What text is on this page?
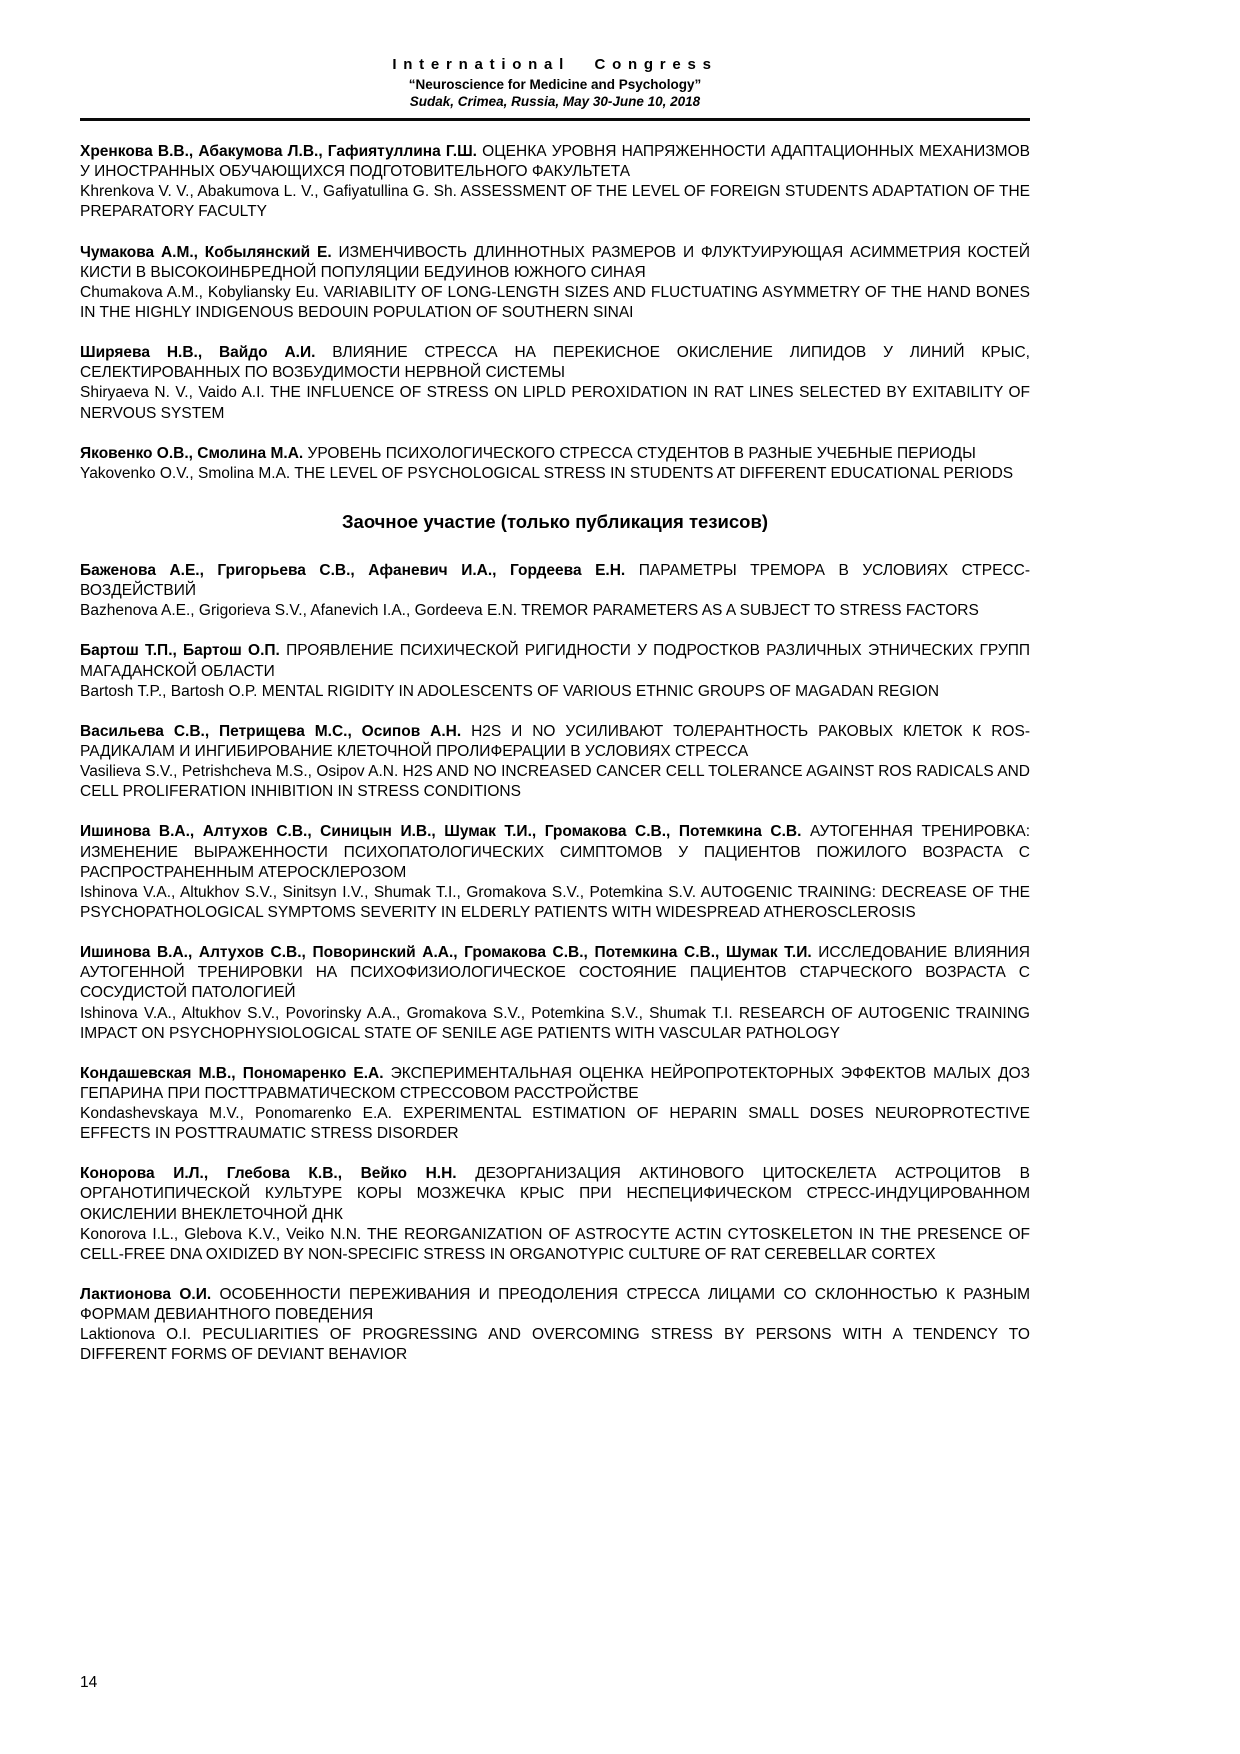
International Congress
“Neuroscience for Medicine and Psychology”
Sudak, Crimea, Russia, May 30-June 10, 2018

Хренкова В.В., Абакумова Л.В., Гафиятуллина Г.Ш. ОЦЕНКА УРОВНЯ НАПРЯЖЕННОСТИ АДАПТАЦИОННЫХ МЕХАНИЗМОВ У ИНОСТРАННЫХ ОБУЧАЮЩИХСЯ ПОДГОТОВИТЕЛЬНОГО ФАКУЛЬТЕТА

Khrenkova V. V., Abakumova L. V., Gafiyatullina G. Sh. ASSESSMENT OF THE LEVEL OF FOREIGN STUDENTS ADAPTATION OF THE PREPARATORY FACULTY

Чумакова А.М., Кобылянский Е. ИЗМЕНЧИВОСТЬ ДЛИННОТНЫХ РАЗМЕРОВ И ФЛУКТУИРУЮЩАЯ АСИММЕТРИЯ КОСТЕЙ КИСТИ В ВЫСОКОИНБРЕДНОЙ ПОПУЛЯЦИИ БЕДУИНОВ ЮЖНОГО СИНАЯ

Chumakova A.M., Kobyliansky Eu. VARIABILITY OF LONG-LENGTH SIZES AND FLUCTUATING ASYMMETRY OF THE HAND BONES IN THE HIGHLY INDIGENOUS BEDOUIN POPULATION OF SOUTHERN SINAI

Ширяева Н.В., Вайдо А.И. ВЛИЯНИЕ СТРЕССА НА ПЕРЕКИСНОЕ ОКИСЛЕНИЕ ЛИПИДОВ У ЛИНИЙ КРЫС, СЕЛЕКТИРОВАННЫХ ПО ВОЗБУДИМОСТИ НЕРВНОЙ СИСТЕМЫ

Shiryaeva N. V., Vaido A.I. THE INFLUENCE OF STRESS ON LIPLD PEROXIDATION IN RAT LINES SELECTED BY EXITABILITY OF NERVOUS SYSTEM

Яковенко О.В., Смолина М.А. УРОВЕНЬ ПСИХОЛОГИЧЕСКОГО СТРЕССА СТУДЕНТОВ В РАЗНЫЕ УЧЕБНЫЕ ПЕРИОДЫ

Yakovenko O.V., Smolina M.A. THE LEVEL OF PSYCHOLOGICAL STRESS IN STUDENTS AT DIFFERENT EDUCATIONAL PERIODS

Заочное участие (только публикация тезисов)

Баженова А.Е., Григорьева С.В., Афаневич И.А., Гордеева Е.Н. ПАРАМЕТРЫ ТРЕМОРА В УСЛОВИЯХ СТРЕСС-ВОЗДЕЙСТВИЙ

Bazhenova A.E., Grigorieva S.V., Afanevich I.A., Gordeeva E.N. TREMOR PARAMETERS AS A SUBJECT TO STRESS FACTORS

Бартош Т.П., Бартош О.П. ПРОЯВЛЕНИЕ ПСИХИЧЕСКОЙ РИГИДНОСТИ У ПОДРОСТКОВ РАЗЛИЧНЫХ ЭТНИЧЕСКИХ ГРУПП МАГАДАНСКОЙ ОБЛАСТИ

Bartosh T.P., Bartosh O.P. MENTAL RIGIDITY IN ADOLESCENTS OF VARIOUS ETHNIC GROUPS OF MAGADAN REGION

Васильева С.В., Петрищева М.С., Осипов А.Н. H2S И NO УСИЛИВАЮТ ТОЛЕРАНТНОСТЬ РАКОВЫХ КЛЕТОК К ROS-РАДИКАЛАМ И ИНГИБИРОВАНИЕ КЛЕТОЧНОЙ ПРОЛИФЕРАЦИИ В УСЛОВИЯХ СТРЕССА

Vasilieva S.V., Petrishcheva M.S., Osipov A.N. H2S AND NO INCREASED CANCER CELL TOLERANCE AGAINST ROS RADICALS AND CELL PROLIFERATION INHIBITION IN STRESS CONDITIONS

Ишинова В.А., Алтухов С.В., Синицын И.В., Шумак Т.И., Громакова С.В., Потемкина С.В. АУТОГЕННАЯ ТРЕНИРОВКА: ИЗМЕНЕНИЕ ВЫРАЖЕННОСТИ ПСИХОПАТОЛОГИЧЕСКИХ СИМПТОМОВ У ПАЦИЕНТОВ ПОЖИЛОГО ВОЗРАСТА С РАСПРОСТРАНЕННЫМ АТЕРОСКЛЕРОЗОМ

Ishinova V.A., Altukhov S.V., Sinitsyn I.V., Shumak T.I., Gromakova S.V., Potemkina S.V. AUTOGENIC TRAINING: DECREASE OF THE PSYCHOPATHOLOGICAL SYMPTOMS SEVERITY IN ELDERLY PATIENTS WITH WIDESPREAD ATHEROSCLEROSIS

Ишинова В.А., Алтухов С.В., Поворинский А.А., Громакова С.В., Потемкина С.В., Шумак Т.И. ИССЛЕДОВАНИЕ ВЛИЯНИЯ АУТОГЕННОЙ ТРЕНИРОВКИ НА ПСИХОФИЗИОЛОГИЧЕСКОЕ СОСТОЯНИЕ ПАЦИЕНТОВ СТАРЧЕСКОГО ВОЗРАСТА С СОСУДИСТОЙ ПАТОЛОГИЕЙ

Ishinova V.A., Altukhov S.V., Povorinsky A.A., Gromakova S.V., Potemkina S.V., Shumak T.I. RESEARCH OF AUTOGENIC TRAINING IMPACT ON PSYCHOPHYSIOLOGICAL STATE OF SENILE AGE PATIENTS WITH VASCULAR PATHOLOGY

Кондашевская М.В., Пономаренко Е.А. ЭКСПЕРИМЕНТАЛЬНАЯ ОЦЕНКА НЕЙРОПРОТЕКТОРНЫХ ЭФФЕКТОВ МАЛЫХ ДОЗ ГЕПАРИНА ПРИ ПОСТТРАВМАТИЧЕСКОМ СТРЕССОВОМ РАССТРОЙСТВЕ

Kondashevskaya M.V., Ponomarenko E.A. EXPERIMENTAL ESTIMATION OF HEPARIN SMALL DOSES NEUROPROTECTIVE EFFECTS IN POSTTRAUMATIC STRESS DISORDER

Конорова И.Л., Глебова К.В., Вейко Н.Н. ДЕЗОРГАНИЗАЦИЯ АКТИНОВОГО ЦИТОСКЕЛЕТА АСТРОЦИТОВ В ОРГАНОТИПИЧЕСКОЙ КУЛЬТУРЕ КОРЫ МОЗЖЕЧКА КРЫС ПРИ НЕСПЕЦИФИЧЕСКОМ СТРЕСС-ИНДУЦИРОВАННОМ ОКИСЛЕНИИ ВНЕКЛЕТОЧНОЙ ДНК

Konorova I.L., Glebova K.V., Veiko N.N. THE REORGANIZATION OF ASTROCYTE ACTIN CYTOSKELETON IN THE PRESENCE OF CELL-FREE DNA OXIDIZED BY NON-SPECIFIC STRESS IN ORGANOTYPIC CULTURE OF RAT CEREBELLAR CORTEX

Лактионова О.И. ОСОБЕННОСТИ ПЕРЕЖИВАНИЯ И ПРЕОДОЛЕНИЯ СТРЕССА ЛИЦАМИ СО СКЛОННОСТЬЮ К РАЗНЫМ ФОРМАМ ДЕВИАНТНОГО ПОВЕДЕНИЯ

Laktionova O.I. PECULIARITIES OF PROGRESSING AND OVERCOMING STRESS BY PERSONS WITH A TENDENCY TO DIFFERENT FORMS OF DEVIANT BEHAVIOR

14
